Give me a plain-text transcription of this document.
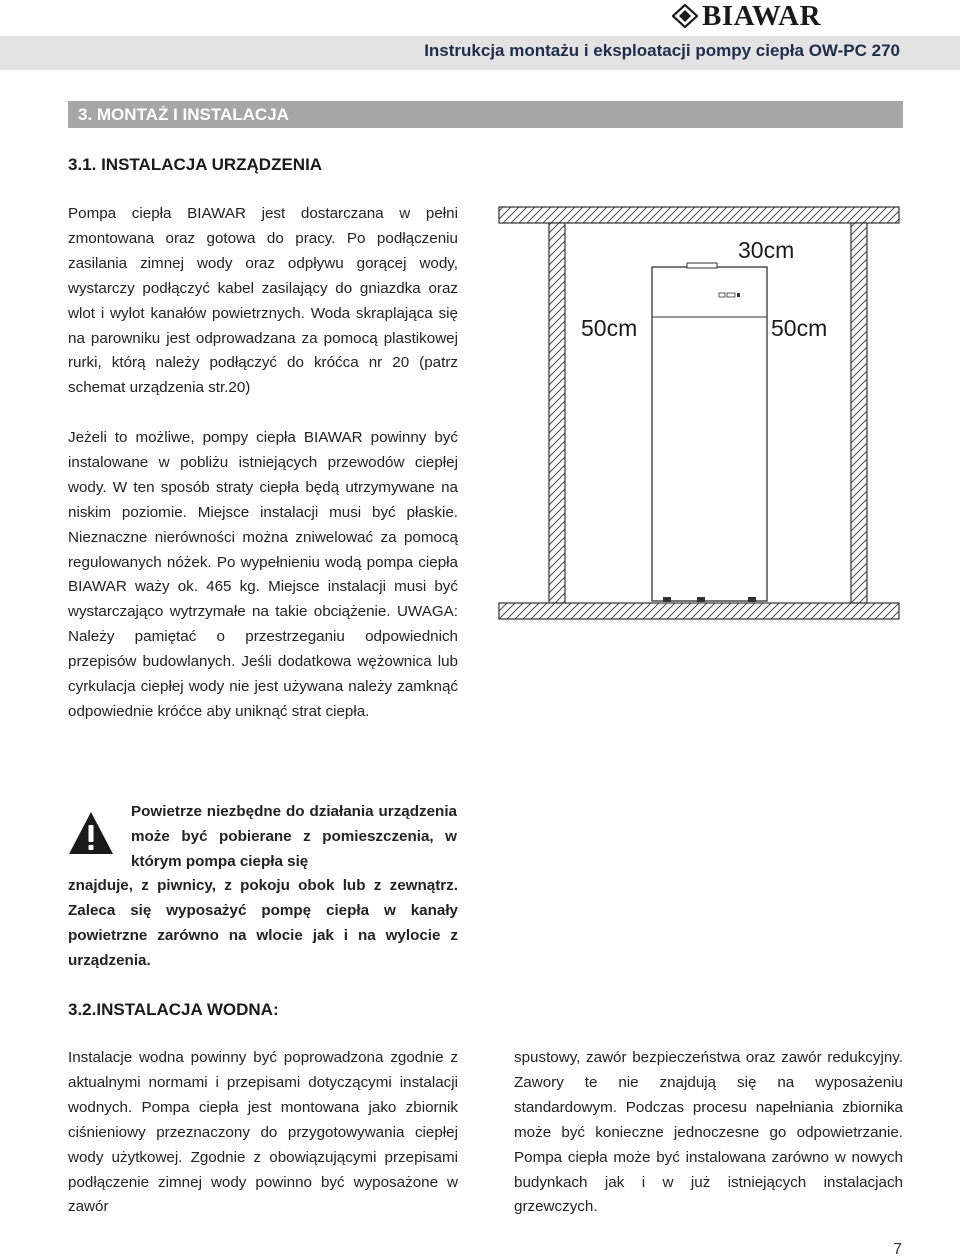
BIAWAR
Instrukcja montażu i eksploatacji pompy ciepła OW-PC 270
3. MONTAŻ I INSTALACJA
3.1. INSTALACJA URZĄDZENIA

Pompa ciepła BIAWAR jest dostarczana w pełni zmontowana oraz gotowa do pracy. Po podłączeniu zasilania zimnej wody oraz odpływu gorącej wody, wystarczy podłączyć kabel zasilający do gniazdka oraz wlot i wylot kanałów powietrznych. Woda skraplająca się na parowniku jest odprowadzana za pomocą plastikowej rurki, którą należy podłączyć do króćca nr 20 (patrz schemat urządzenia str.20)

Jeżeli to możliwe, pompy ciepła BIAWAR powinny być instalowane w pobliżu istniejących przewodów ciepłej wody. W ten sposób straty ciepła będą utrzymywane na niskim poziomie. Miejsce instalacji musi być płaskie. Nieznaczne nierówności można zniwelować za pomocą regulowanych nóżek. Po wypełnieniu wodą pompa ciepła BIAWAR waży ok. 465 kg. Miejsce instalacji musi być wystarczająco wytrzymałe na takie obciążenie. UWAGA: Należy pamiętać o przestrzeganiu odpowiednich przepisów budowlanych. Jeśli dodatkowa wężownica lub cyrkulacja ciepłej wody nie jest używana należy zamknąć odpowiednie króćce aby uniknąć strat ciepła.

30cm
50cm	50cm

Powietrze niezbędne do działania urządzenia może być pobierane z pomieszczenia, w którym pompa ciepła się

znajduje, z piwnicy, z pokoju obok lub z zewnątrz. Zaleca się wyposażyć pompę ciepła w kanały powietrzne zarówno na wlocie jak i na wylocie z urządzenia.

3.2.INSTALACJA WODNA:

Instalacje wodna powinny być poprowadzona zgodnie z aktualnymi normami i przepisami dotyczącymi instalacji wodnych. Pompa ciepła jest montowana jako zbiornik ciśnieniowy przeznaczony do przygotowywania ciepłej wody użytkowej. Zgodnie z obowiązującymi przepisami podłączenie zimnej wody powinno być wyposażone w zawór

spustowy, zawór bezpieczeństwa oraz zawór redukcyjny. Zawory te nie znajdują się na wyposażeniu standardowym. Podczas procesu napełniania zbiornika może być konieczne jednoczesne go odpowietrzanie. Pompa ciepła może być instalowana zarówno w nowych budynkach jak i w już istniejących instalacjach grzewczych.

7
